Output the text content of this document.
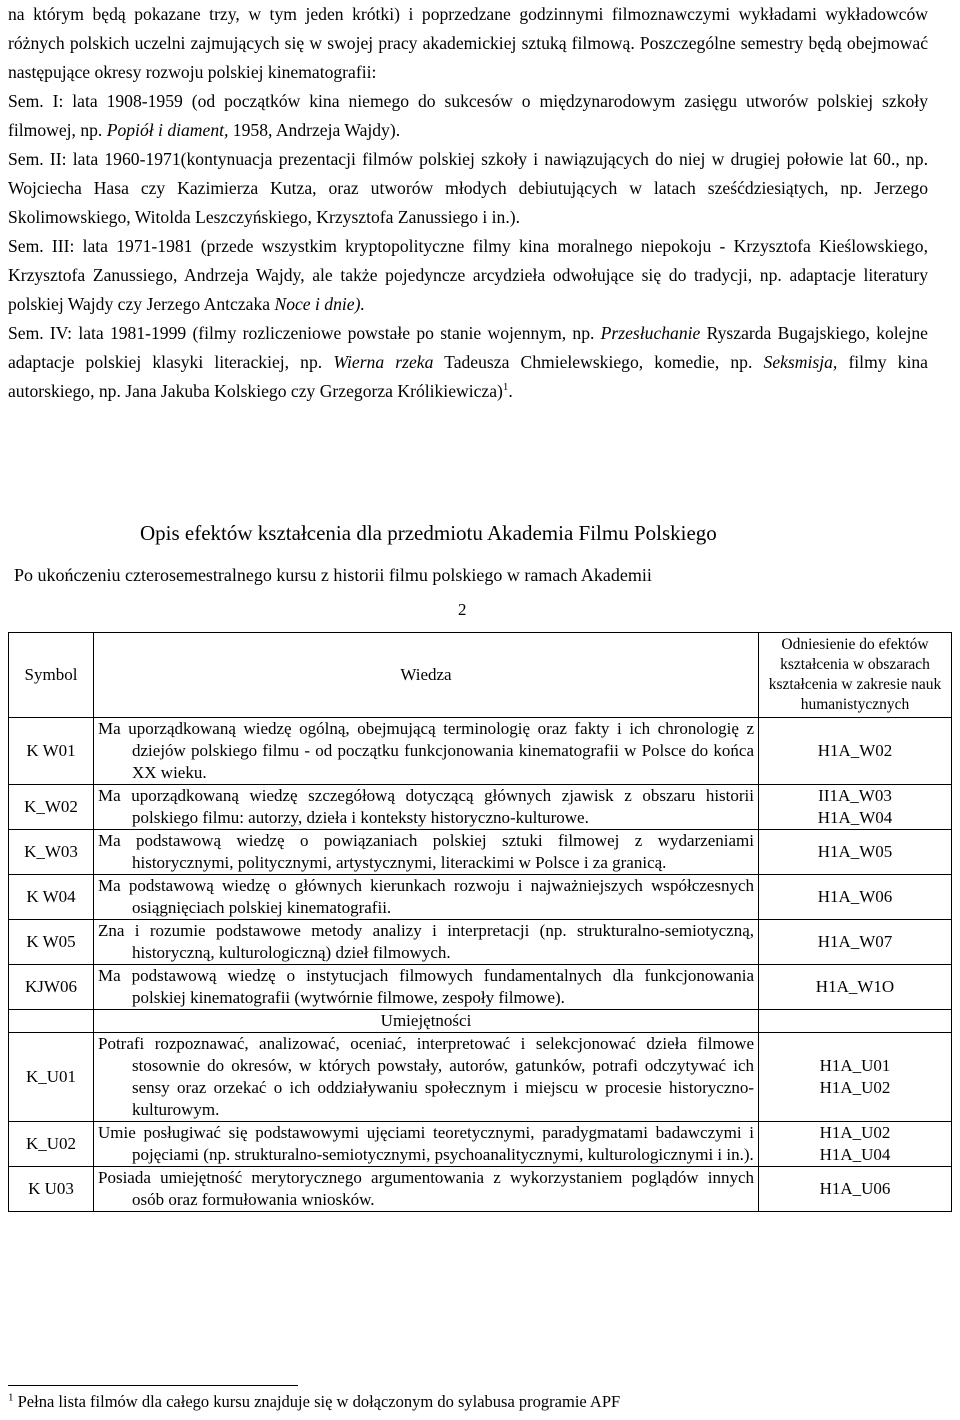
na którym będą pokazane trzy, w tym jeden krótki) i poprzedzane godzinnymi filmoznawczymi wykładami wykładowców różnych polskich uczelni zajmujących się w swojej pracy akademickiej sztuką filmową. Poszczególne semestry będą obejmować następujące okresy rozwoju polskiej kinematografii:

Sem. I: lata 1908-1959 (od początków kina niemego do sukcesów o międzynarodowym zasięgu utworów polskiej szkoły filmowej, np. Popiół i diament, 1958, Andrzeja Wajdy).

Sem. II: lata 1960-1971(kontynuacja prezentacji filmów polskiej szkoły i nawiązujących do niej w drugiej połowie lat 60., np. Wojciecha Hasa czy Kazimierza Kutza, oraz utworów młodych debiutujących w latach sześćdziesiątych, np. Jerzego Skolimowskiego, Witolda Leszczyńskiego, Krzysztofa Zanussiego i in.).

Sem. III: lata 1971-1981 (przede wszystkim kryptopolityczne filmy kina moralnego niepokoju - Krzysztofa Kieślowskiego, Krzysztofa Zanussiego, Andrzeja Wajdy, ale także pojedyncze arcydzieła odwołujące się do tradycji, np. adaptacje literatury polskiej Wajdy czy Jerzego Antczaka Noce i dnie).

Sem. IV: lata 1981-1999 (filmy rozliczeniowe powstałe po stanie wojennym, np. Przesłuchanie Ryszarda Bugajskiego, kolejne adaptacje polskiej klasyki literackiej, np. Wierna rzeka Tadeusza Chmielewskiego, komedie, np. Seksmisja, filmy kina autorskiego, np. Jana Jakuba Kolskiego czy Grzegorza Królikiewicza)$^1$.

Opis efektów kształcenia dla przedmiotu Akademia Filmu Polskiego
Po ukończeniu czterosemestralnego kursu z historii filmu polskiego w ramach Akademii
2
Symbol	Wiedza	Odniesienie do efektów kształcenia w obszarach kształcenia w zakresie nauk humanistycznych
K W01	Ma uporządkowaną wiedzę ogólną, obejmującą terminologię oraz fakty i ich chronologię z dziejów polskiego filmu - od początku funkcjonowania kinematografii w Polsce do końca XX wieku.	H1A_W02

K_W02	Ma uporządkowaną wiedzę szczegółową dotyczącą głównych zjawisk z obszaru historii polskiego filmu: autorzy, dzieła i konteksty historyczno-kulturowe.	II1A_W03
H1A_W04

K_W03	Ma podstawową wiedzę o powiązaniach polskiej sztuki filmowej z wydarzeniami historycznymi, politycznymi, artystycznymi, literackimi w Polsce i za granicą.	H1A_W05

K W04	Ma podstawową wiedzę o głównych kierunkach rozwoju i najważniejszych współczesnych osiągnięciach polskiej kinematografii.	H1A_W06

K W05	Zna i rozumie podstawowe metody analizy i interpretacji (np. strukturalno-semiotyczną, historyczną, kulturologiczną) dzieł filmowych.	H1A_W07

KJW06	Ma podstawową wiedzę o instytucjach filmowych fundamentalnych dla funkcjonowania polskiej kinematografii (wytwórnie filmowe, zespoły filmowe).	H1A_W1O

	Umiejętności	
K_U01	Potrafi rozpoznawać, analizować, oceniać, interpretować i selekcjonować dzieła filmowe stosownie do okresów, w których powstały, autorów, gatunków, potrafi odczytywać ich sensy oraz orzekać o ich oddziaływaniu społecznym i miejscu w procesie historyczno-kulturowym.	H1A_U01
H1A_U02

K_U02	Umie posługiwać się podstawowymi ujęciami teoretycznymi, paradygmatami badawczymi i pojęciami (np. strukturalno-semiotycznymi, psychoanalitycznymi, kulturologicznymi i in.).	H1A_U02
H1A_U04

K U03	Posiada umiejętność merytorycznego argumentowania z wykorzystaniem poglądów innych osób oraz formułowania wniosków.	H1A_U06
$^1$ Pełna lista filmów dla całego kursu znajduje się w dołączonym do sylabusa programie APF
